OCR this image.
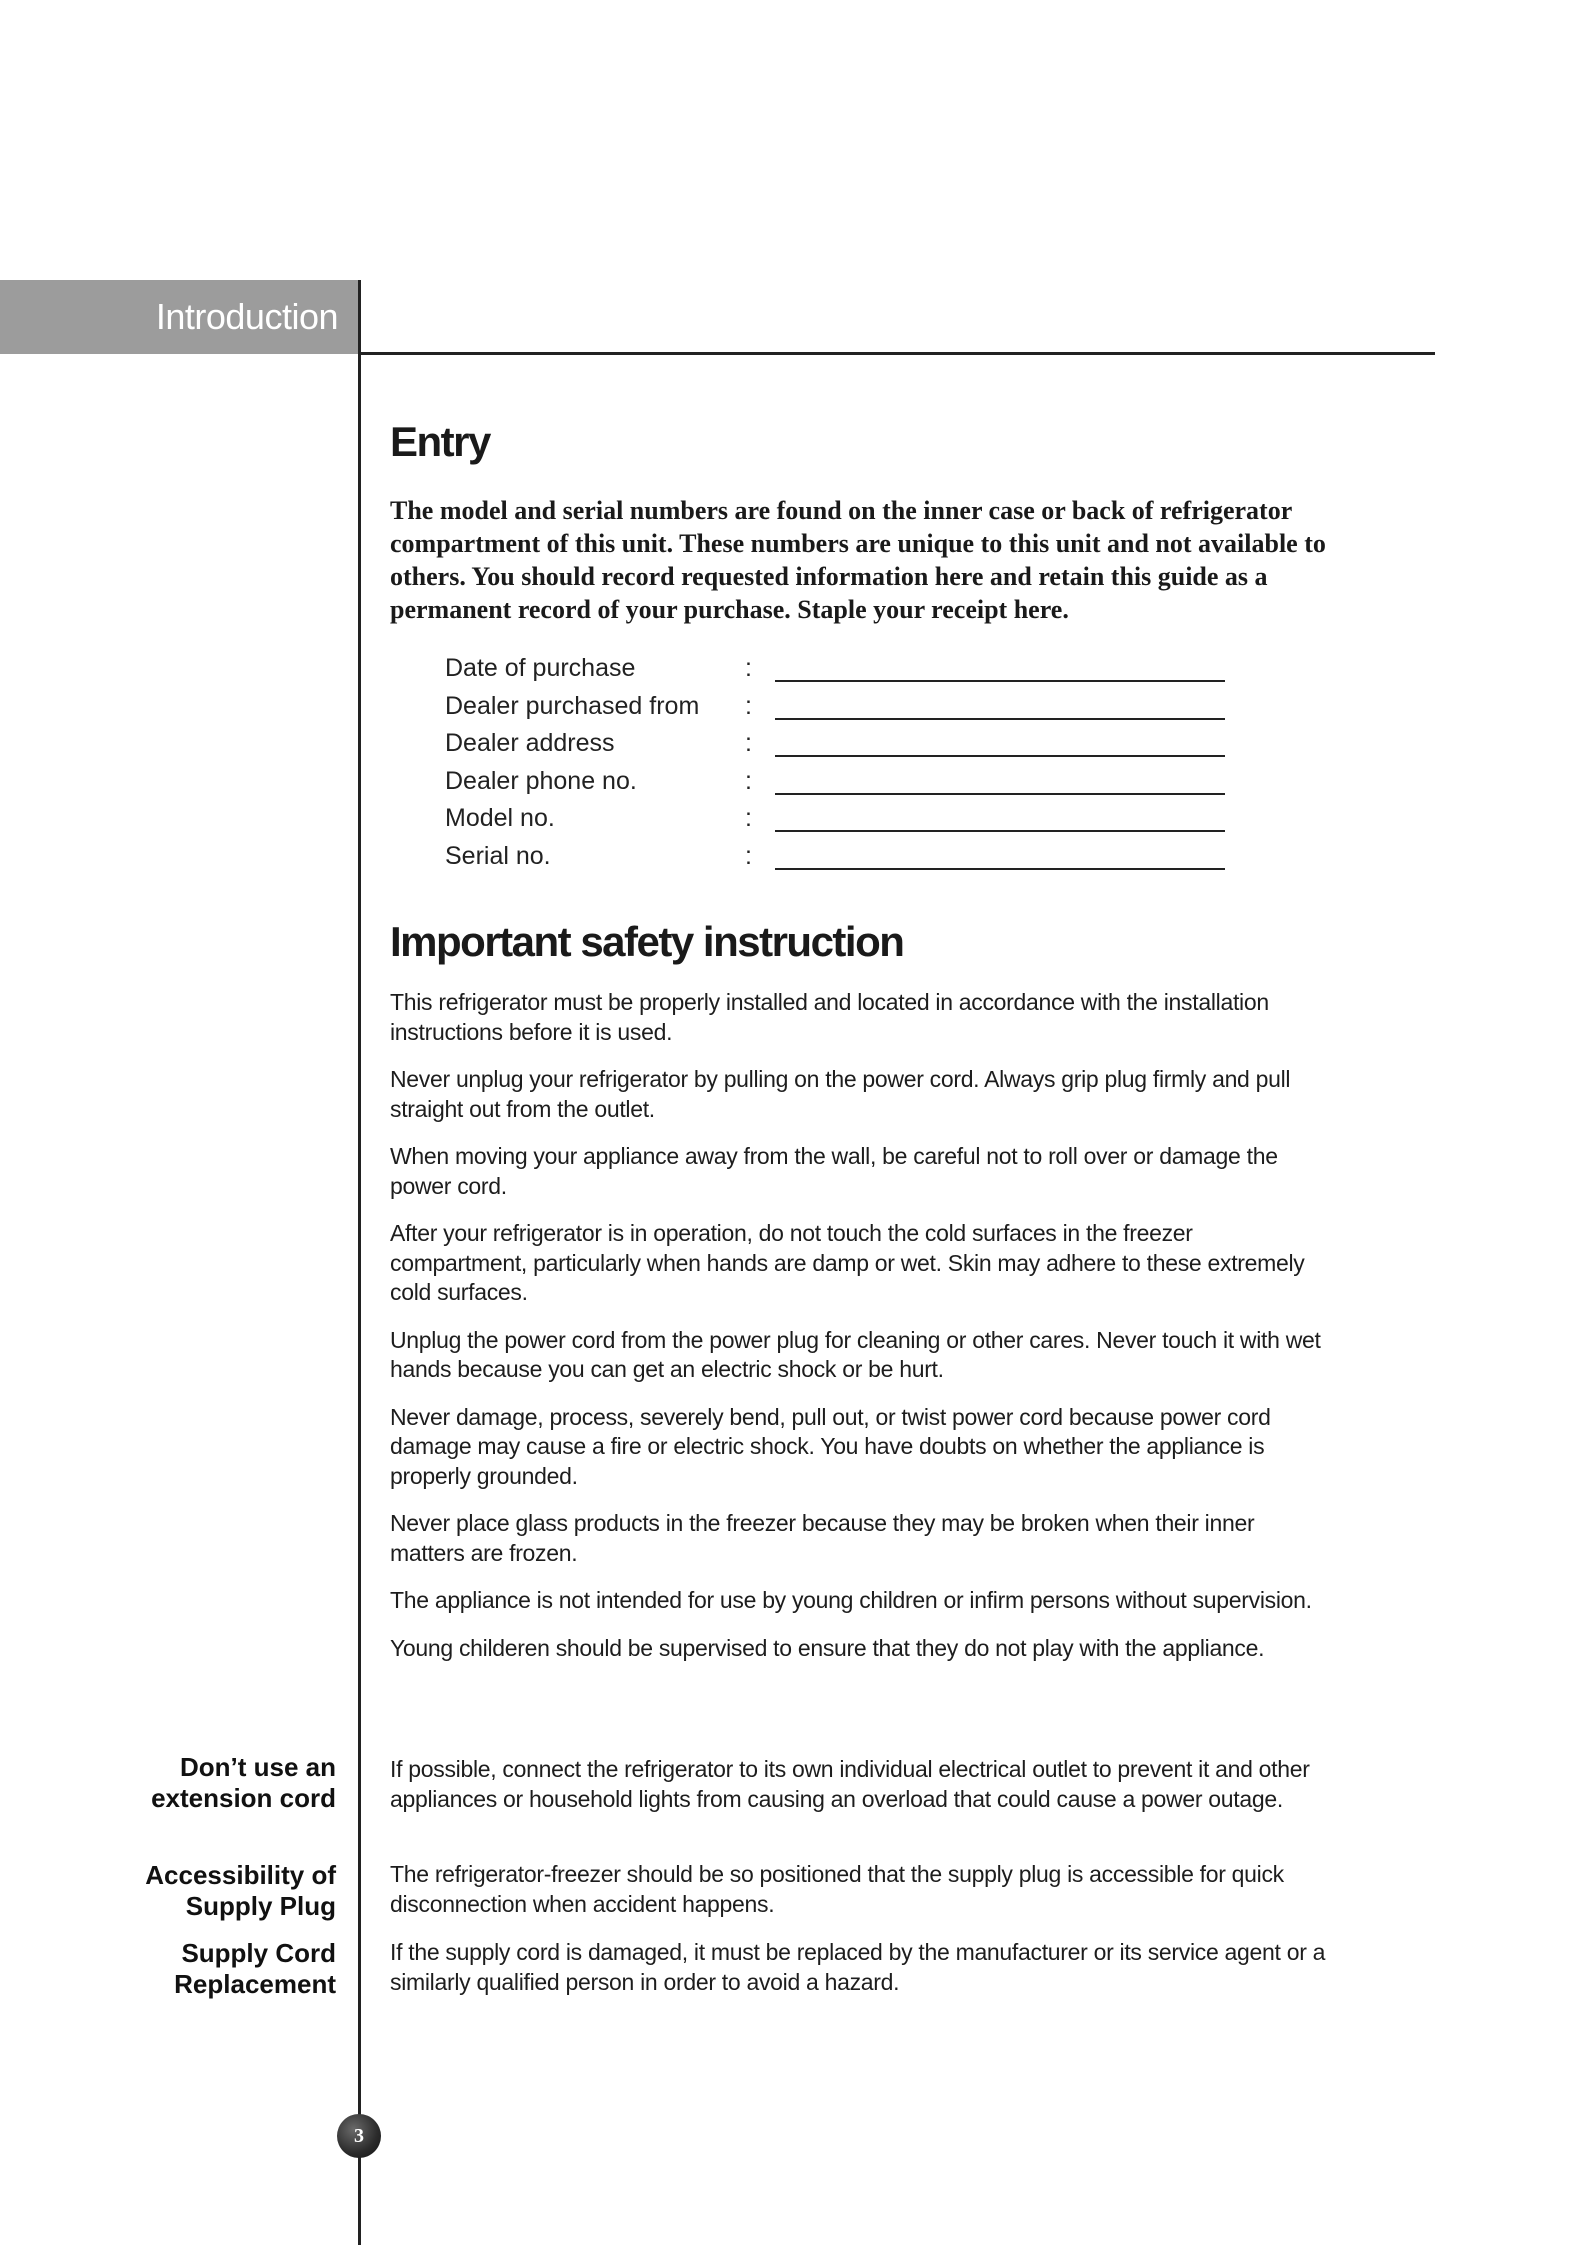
Introduction
Entry

The model and serial numbers are found on the inner case or back of refrigerator compartment of this unit. These numbers are unique to this unit and not available to others. You should record requested information here and retain this guide as a permanent record of your purchase. Staple your receipt here.

Date of purchase	:
Dealer purchased from :
Dealer address	:
Dealer phone no.	:
Model no.	:
Serial no.	:
Important safety instruction

This refrigerator must be properly installed and located in accordance with the installation instructions before it is used.

Never unplug your refrigerator by pulling on the power cord. Always grip plug firmly and pull straight out from the outlet.

When moving your appliance away from the wall, be careful not to roll over or damage the power cord.

After your refrigerator is in operation, do not touch the cold surfaces in the freezer compartment, particularly when hands are damp or wet. Skin may adhere to these extremely cold surfaces.

Unplug the power cord from the power plug for cleaning or other cares. Never touch it with wet hands because you can get an electric shock or be hurt.

Never damage, process, severely bend, pull out, or twist power cord because power cord damage may cause a fire or electric shock. You have doubts on whether the appliance is properly grounded.

Never place glass products in the freezer because they may be broken when their inner matters are frozen.

The appliance is not intended for use by young children or infirm persons without supervision.

Young childeren should be supervised to ensure that they do not play with the appliance.

Don’t use an
extension cord

If possible, connect the refrigerator to its own individual electrical outlet to prevent it and other appliances or household lights from causing an overload that could cause a power outage.

Accessibility of
Supply Plug

The refrigerator-freezer should be so positioned that the supply plug is accessible for quick disconnection when accident happens.

Supply Cord
Replacement

If the supply cord is damaged, it must be replaced by the manufacturer or its service agent or a similarly qualified person in order to avoid a hazard.

3
